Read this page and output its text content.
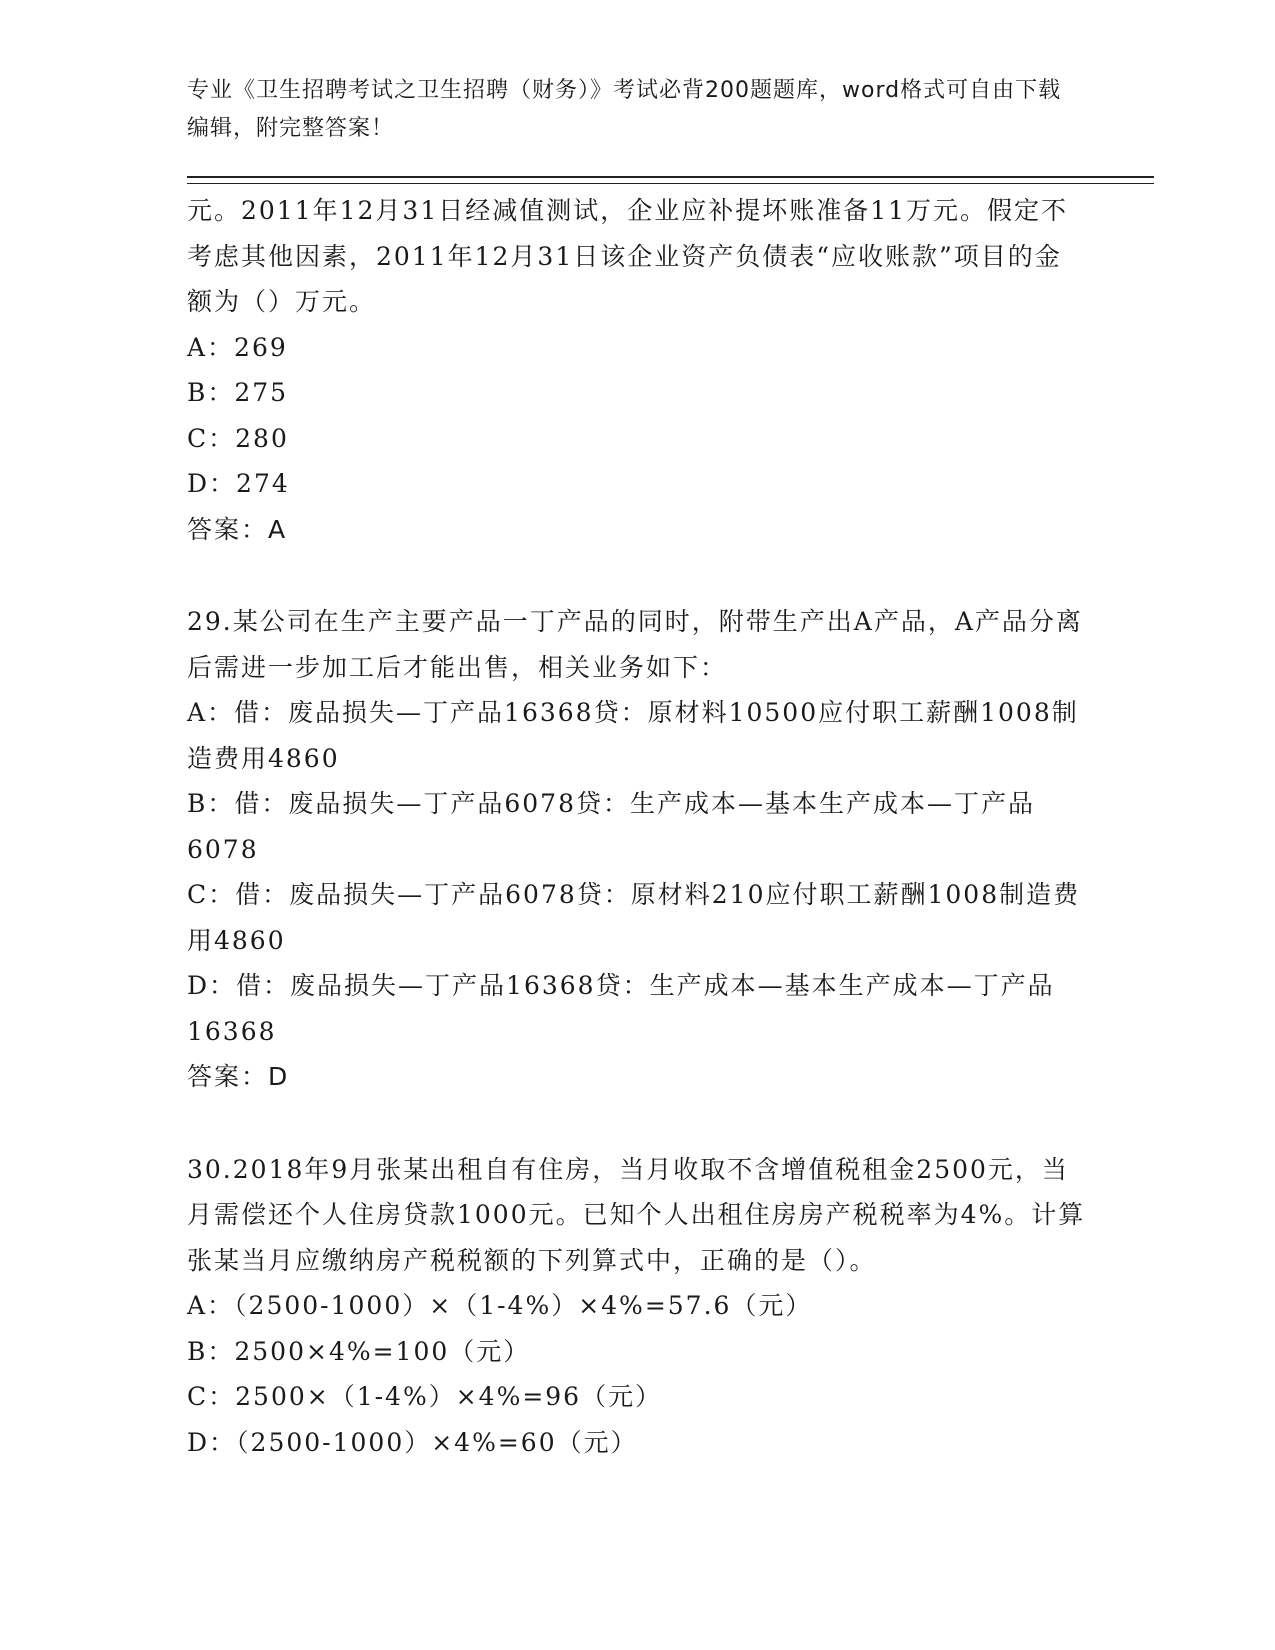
专业《卫生招聘考试之卫生招聘（财务）》考试必背200题题库，word格式可自由下载编辑，附完整答案！

元。2011年12月31日经减值测试，企业应补提坏账准备11万元。假定不考虑其他因素，2011年12月31日该企业资产负债表“应收账款”项目的金额为（）万元。

A：269

B：275

C：280

D：274

答案：A

29.某公司在生产主要产品一丁产品的同时，附带生产出A产品，A产品分离后需进一步加工后才能出售，相关业务如下：

A：借：废品损失—丁产品16368贷：原材料10500应付职工薪酬1008制造费用4860

B：借：废品损失—丁产品6078贷：生产成本—基本生产成本—丁产品6078

C：借：废品损失—丁产品6078贷：原材料210应付职工薪酬1008制造费用4860

D：借：废品损失—丁产品16368贷：生产成本—基本生产成本—丁产品16368

答案：D

30.2018年9月张某出租自有住房，当月收取不含增值税租金2500元，当月需偿还个人住房贷款1000元。已知个人出租住房房产税税率为4%。计算张某当月应缴纳房产税税额的下列算式中，正确的是（）。

A：（2500-1000）×（1-4%）×4%=57.6（元）

B：2500×4%=100（元）

C：2500×（1-4%）×4%=96（元）

D：（2500-1000）×4%=60（元）
